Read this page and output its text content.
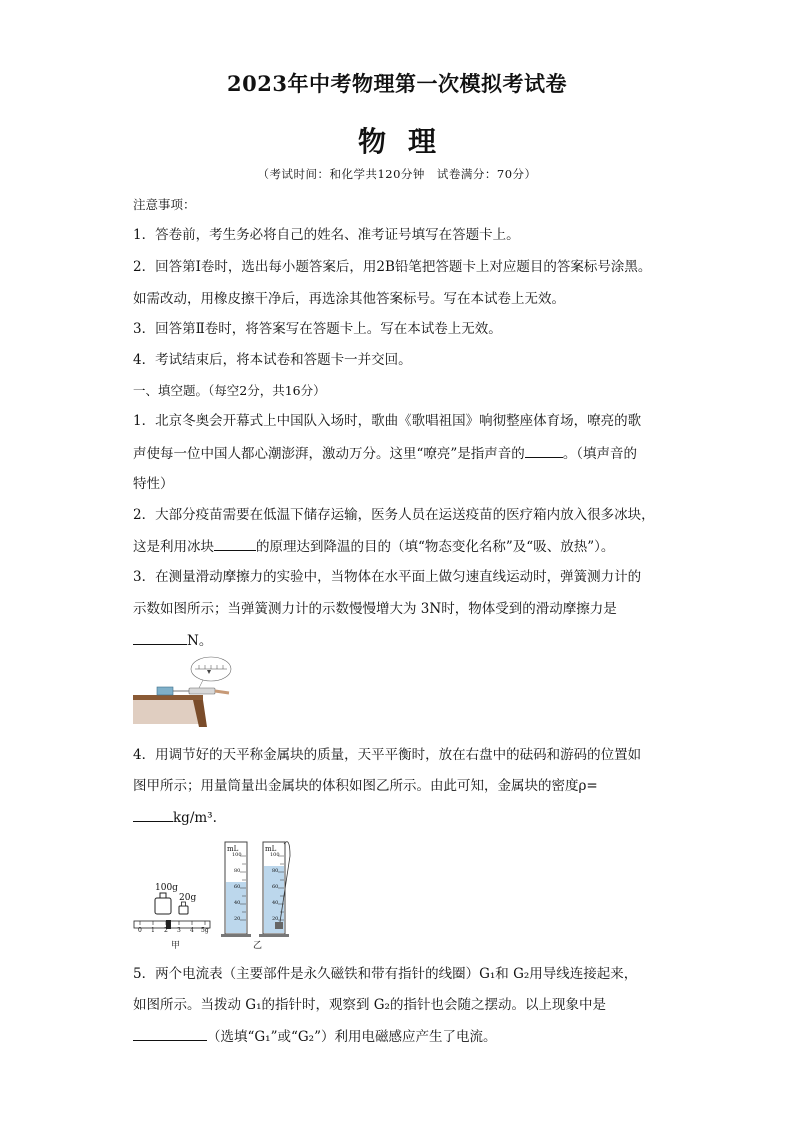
2023年中考物理第一次模拟考试卷
物理
（考试时间：和化学共120分钟　试卷满分：70分）
注意事项：
1．答卷前，考生务必将自己的姓名、准考证号填写在答题卡上。
2．回答第Ⅰ卷时，选出每小题答案后，用2B铅笔把答题卡上对应题目的答案标号涂黑。
如需改动，用橡皮擦干净后，再选涂其他答案标号。写在本试卷上无效。
3．回答第Ⅱ卷时，将答案写在答题卡上。写在本试卷上无效。
4．考试结束后，将本试卷和答题卡一并交回。
一、填空题。（每空2分，共16分）
1．北京冬奥会开幕式上中国队入场时，歌曲《歌唱祖国》响彻整座体育场，嘹亮的歌
声使每一位中国人都心潮澎湃，激动万分。这里“嘹亮”是指声音的	。（填声音的
特性）
2．大部分疫苗需要在低温下储存运输，医务人员在运送疫苗的医疗箱内放入很多冰块，
这是利用冰块	的原理达到降温的目的（填“物态变化名称”及“吸、放热”）。
3．在测量滑动摩擦力的实验中，当物体在水平面上做匀速直线运动时，弹簧测力计的
示数如图所示；当弹簧测力计的示数慢慢增大为 3N时，物体受到的滑动摩擦力是
N。
4．用调节好的天平称金属块的质量，天平平衡时，放在右盘中的砝码和游码的位置如
图甲所示；用量筒量出金属块的体积如图乙所示。由此可知，金属块的密度ρ=
kg/m³.
100g
20g
0 1 2 3 4 5g
甲
mL	mL
100
80
60
40
20
100
80
60
40
20
乙
5．两个电流表（主要部件是永久磁铁和带有指针的线圈）G₁和 G₂用导线连接起来，
如图所示。当拨动 G₁的指针时，观察到 G₂的指针也会随之摆动。以上现象中是
（选填“G₁”或“G₂”）利用电磁感应产生了电流。
